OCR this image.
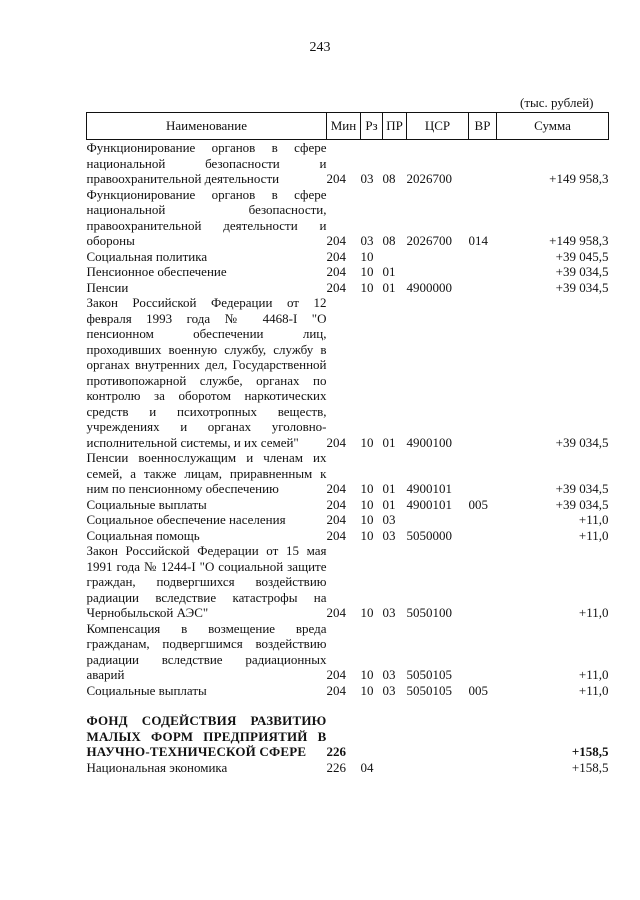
243
(тыс. рублей)
Наименование	Мин	Рз	ПР	ЦСР	ВР	Сумма
Функционирование органов в сфере национальной безопасности и правоохранительной деятельности	204	03	08	2026700		+149 958,3
Функционирование органов в сфере национальной безопасности, правоохранительной деятельности и обороны	204	03	08	2026700	014	+149 958,3
Социальная политика	204	10				+39 045,5
Пенсионное обеспечение	204	10	01			+39 034,5
Пенсии	204	10	01	4900000		+39 034,5
Закон Российской Федерации от 12 февраля 1993 года № 4468-I "О пенсионном обеспечении лиц, проходивших военную службу, службу в органах внутренних дел, Государственной противопожарной службе, органах по контролю за оборотом наркотических средств и психотропных веществ, учреждениях и органах уголовно-исполнительной системы, и их семей"	204	10	01	4900100		+39 034,5
Пенсии военнослужащим и членам их семей, а также лицам, приравненным к ним по пенсионному обеспечению	204	10	01	4900101		+39 034,5
Социальные выплаты	204	10	01	4900101	005	+39 034,5
Социальное обеспечение населения	204	10	03			+11,0
Социальная помощь	204	10	03	5050000		+11,0
Закон Российской Федерации от 15 мая 1991 года № 1244-I "О социальной защите граждан, подвергшихся воздействию радиации вследствие катастрофы на Чернобыльской АЭС"	204	10	03	5050100		+11,0
Компенсация в возмещение вреда гражданам, подвергшимся воздействию радиации вследствие радиационных аварий	204	10	03	5050105		+11,0
Социальные выплаты	204	10	03	5050105	005	+11,0
ФОНД СОДЕЙСТВИЯ РАЗВИТИЮ МАЛЫХ ФОРМ ПРЕДПРИЯТИЙ В НАУЧНО-ТЕХНИЧЕСКОЙ СФЕРЕ	226					+158,5
Национальная экономика	226	04				+158,5
